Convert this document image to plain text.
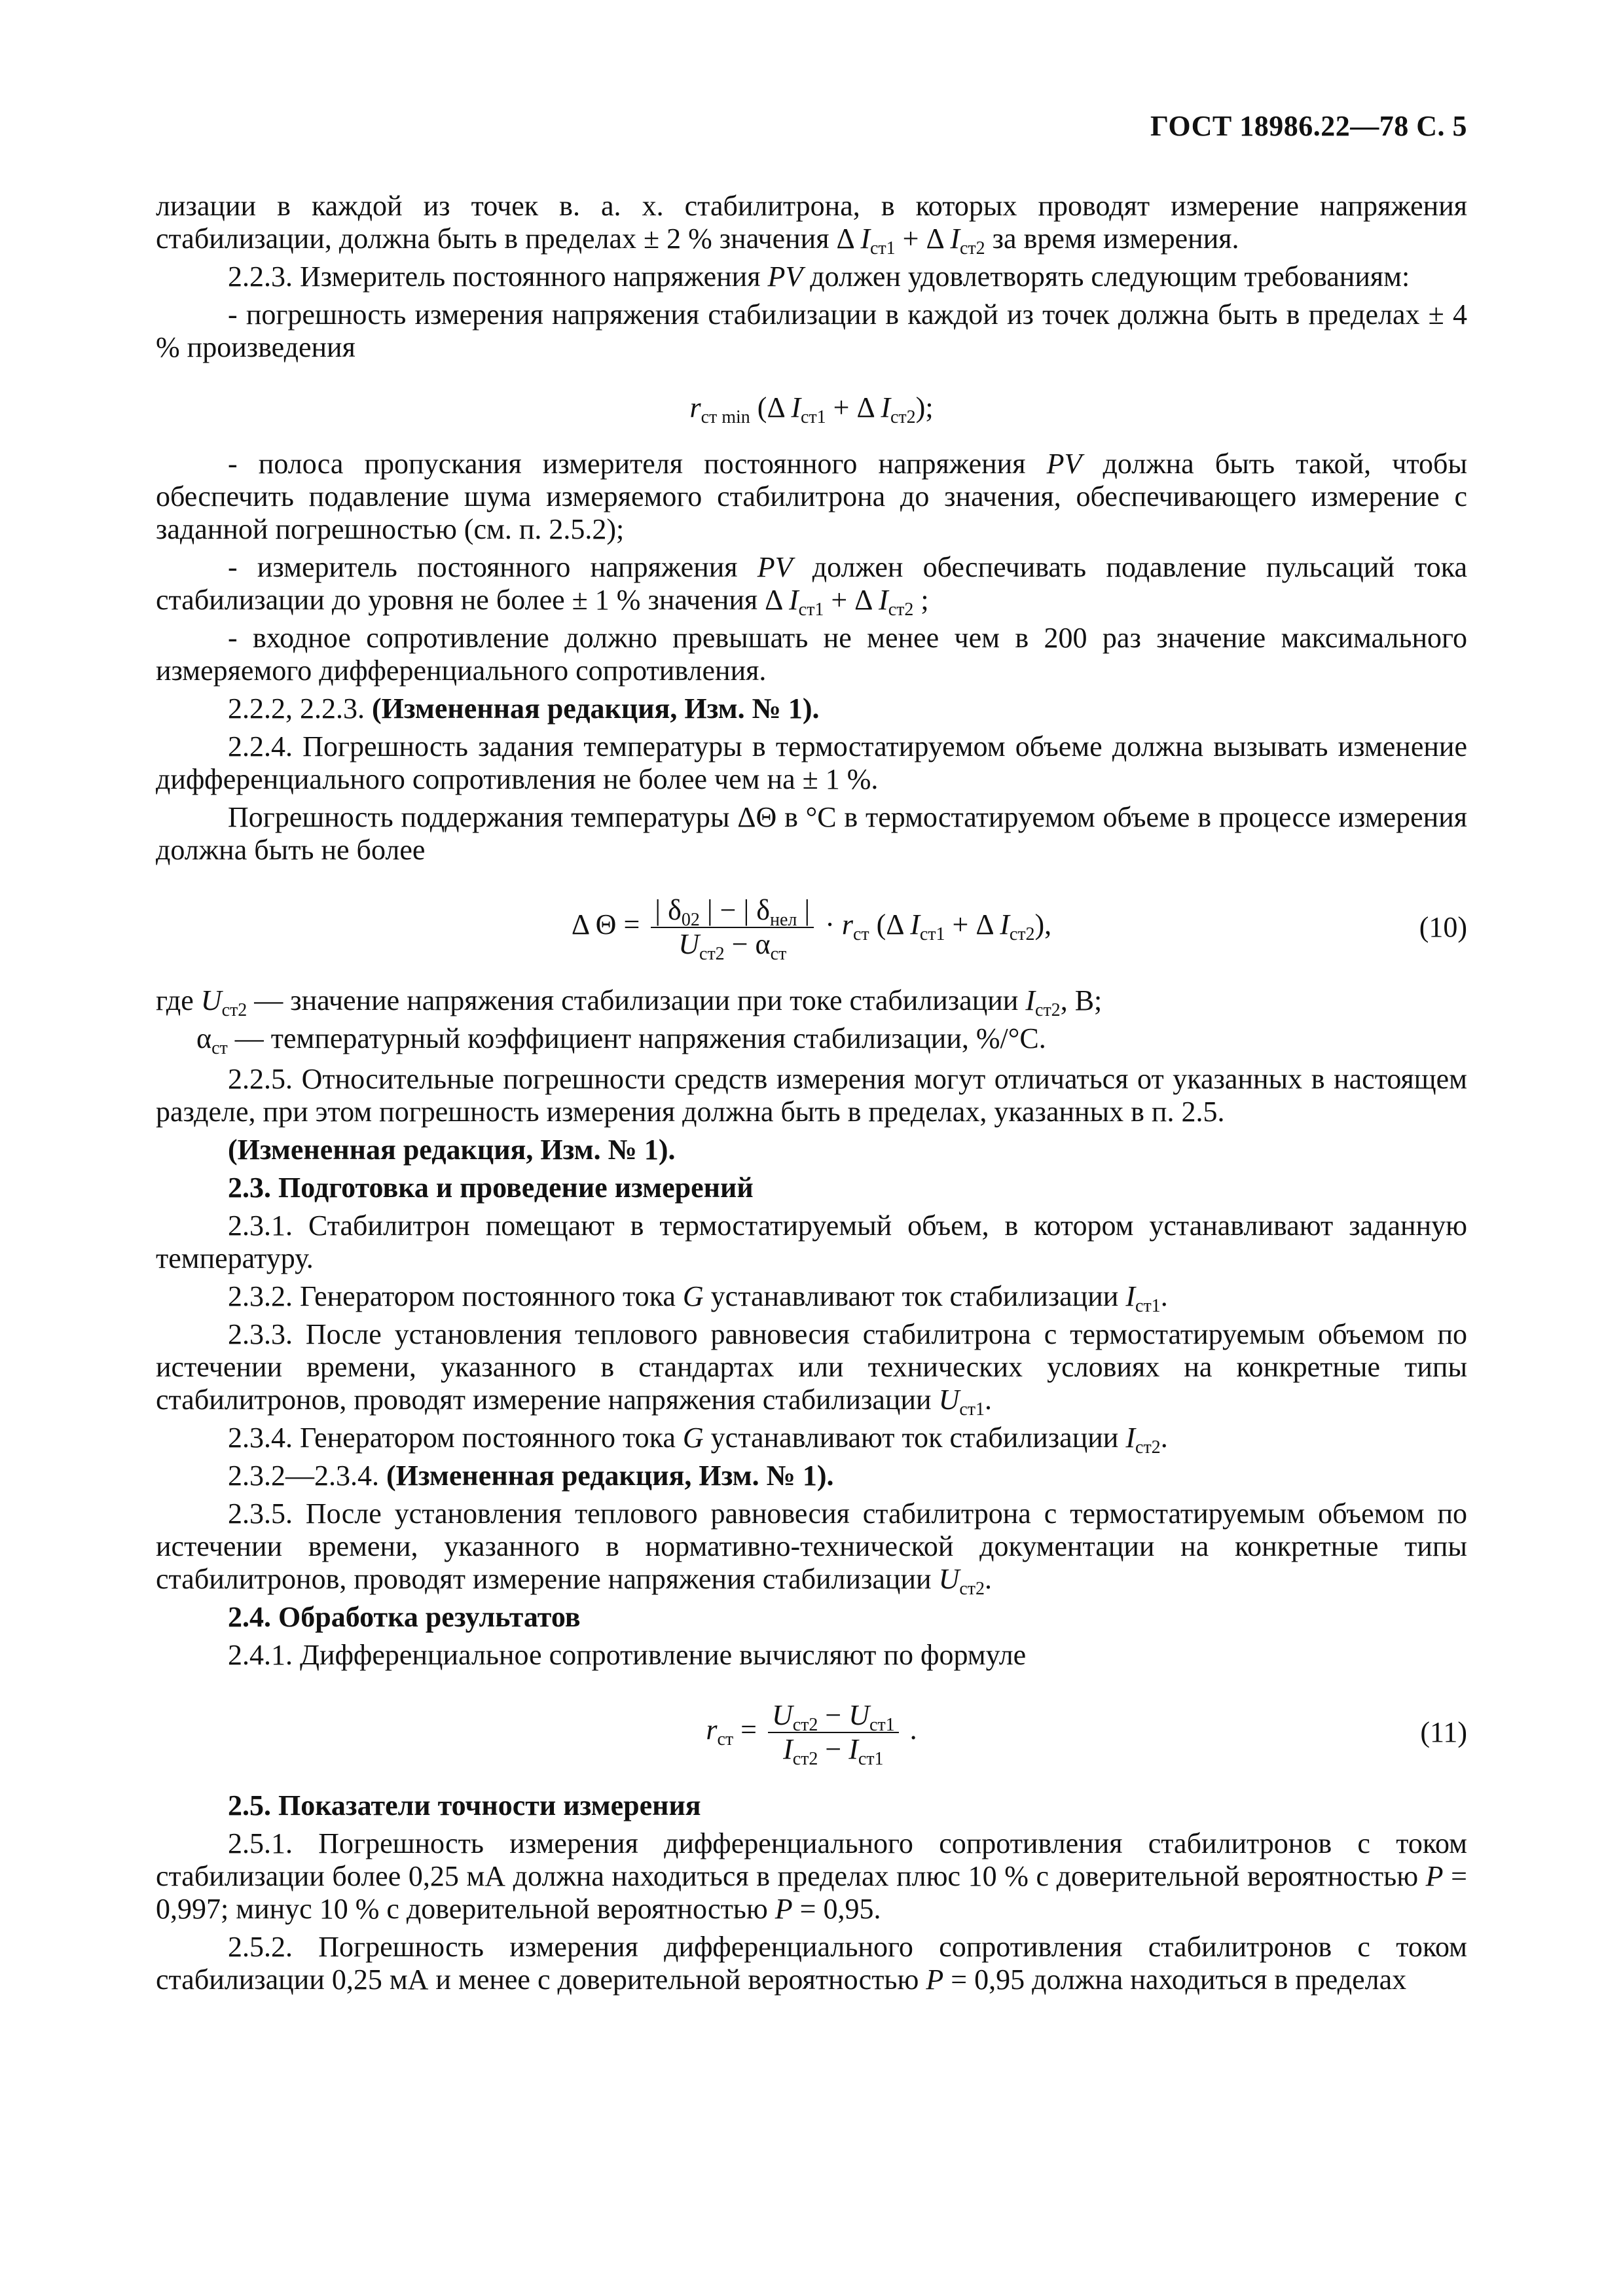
ГОСТ 18986.22—78 С. 5

лизации в каждой из точек в. а. х. стабилитрона, в которых проводят измерение напряжения стабилизации, должна быть в пределах ± 2 % значения Δ $I_{ст1} + \Delta$ $I_{ст2}$ за время измерения.

2.2.3. Измеритель постоянного напряжения PV должен удовлетворять следующим требованиям:

- погрешность измерения напряжения стабилизации в каждой из точек должна быть в пределах ± 4 % произведения

$r_{ст min}$ (Δ $I_{ст1} + \Delta$ $I_{ст2}$);

- полоса пропускания измерителя постоянного напряжения PV должна быть такой, чтобы обеспечить подавление шума измеряемого стабилитрона до значения, обеспечивающего измерение с заданной погрешностью (см. п. 2.5.2);

- измеритель постоянного напряжения PV должен обеспечивать подавление пульсаций тока стабилизации до уровня не более ± 1 % значения Δ $I_{ст1} + \Delta$ $I_{ст2}$ ;

- входное сопротивление должно превышать не менее чем в 200 раз значение максимального измеряемого дифференциального сопротивления.

2.2.2, 2.2.3. (Измененная редакция, Изм. № 1).

2.2.4. Погрешность задания температуры в термостатируемом объеме должна вызывать изменение дифференциального сопротивления не более чем на ± 1 %.

Погрешность поддержания температуры ΔΘ в °С в термостатируемом объеме в процессе измерения должна быть не более

Δ $\Theta = \frac{| \delta_{02} | - | \delta_{нел} |}{U_{ст2} - \alpha_{ст}} \cdot r_{ст}$ (Δ $I_{ст1} + \Delta$ $I_{ст2}$),	(10)

где $U_{ст2}$ — значение напряжения стабилизации при токе стабилизации $I_{ст2}$, В;

$\alpha_{ст}$ — температурный коэффициент напряжения стабилизации, %/°С.

2.2.5. Относительные погрешности средств измерения могут отличаться от указанных в настоящем разделе, при этом погрешность измерения должна быть в пределах, указанных в п. 2.5.

(Измененная редакция, Изм. № 1).

2.3. Подготовка и проведение измерений

2.3.1. Стабилитрон помещают в термостатируемый объем, в котором устанавливают заданную температуру.

2.3.2. Генератором постоянного тока G устанавливают ток стабилизации $I_{ст1}$.

2.3.3. После установления теплового равновесия стабилитрона с термостатируемым объемом по истечении времени, указанного в стандартах или технических условиях на конкретные типы стабилитронов, проводят измерение напряжения стабилизации $U_{ст1}$.

2.3.4. Генератором постоянного тока G устанавливают ток стабилизации $I_{ст2}$.

2.3.2—2.3.4. (Измененная редакция, Изм. № 1).

2.3.5. После установления теплового равновесия стабилитрона с термостатируемым объемом по истечении времени, указанного в нормативно-технической документации на конкретные типы стабилитронов, проводят измерение напряжения стабилизации $U_{ст2}$.

2.4. Обработка результатов

2.4.1. Дифференциальное сопротивление вычисляют по формуле

$r_{ст} = \frac{U_{ст2} - U_{ст1}}{I_{ст2} - I_{ст1}}$ .	(11)

2.5. Показатели точности измерения

2.5.1. Погрешность измерения дифференциального сопротивления стабилитронов с током стабилизации более 0,25 мА должна находиться в пределах плюс 10 % с доверительной вероятностью P = 0,997; минус 10 % с доверительной вероятностью P = 0,95.

2.5.2. Погрешность измерения дифференциального сопротивления стабилитронов с током стабилизации 0,25 мА и менее с доверительной вероятностью P = 0,95 должна находиться в пределах
